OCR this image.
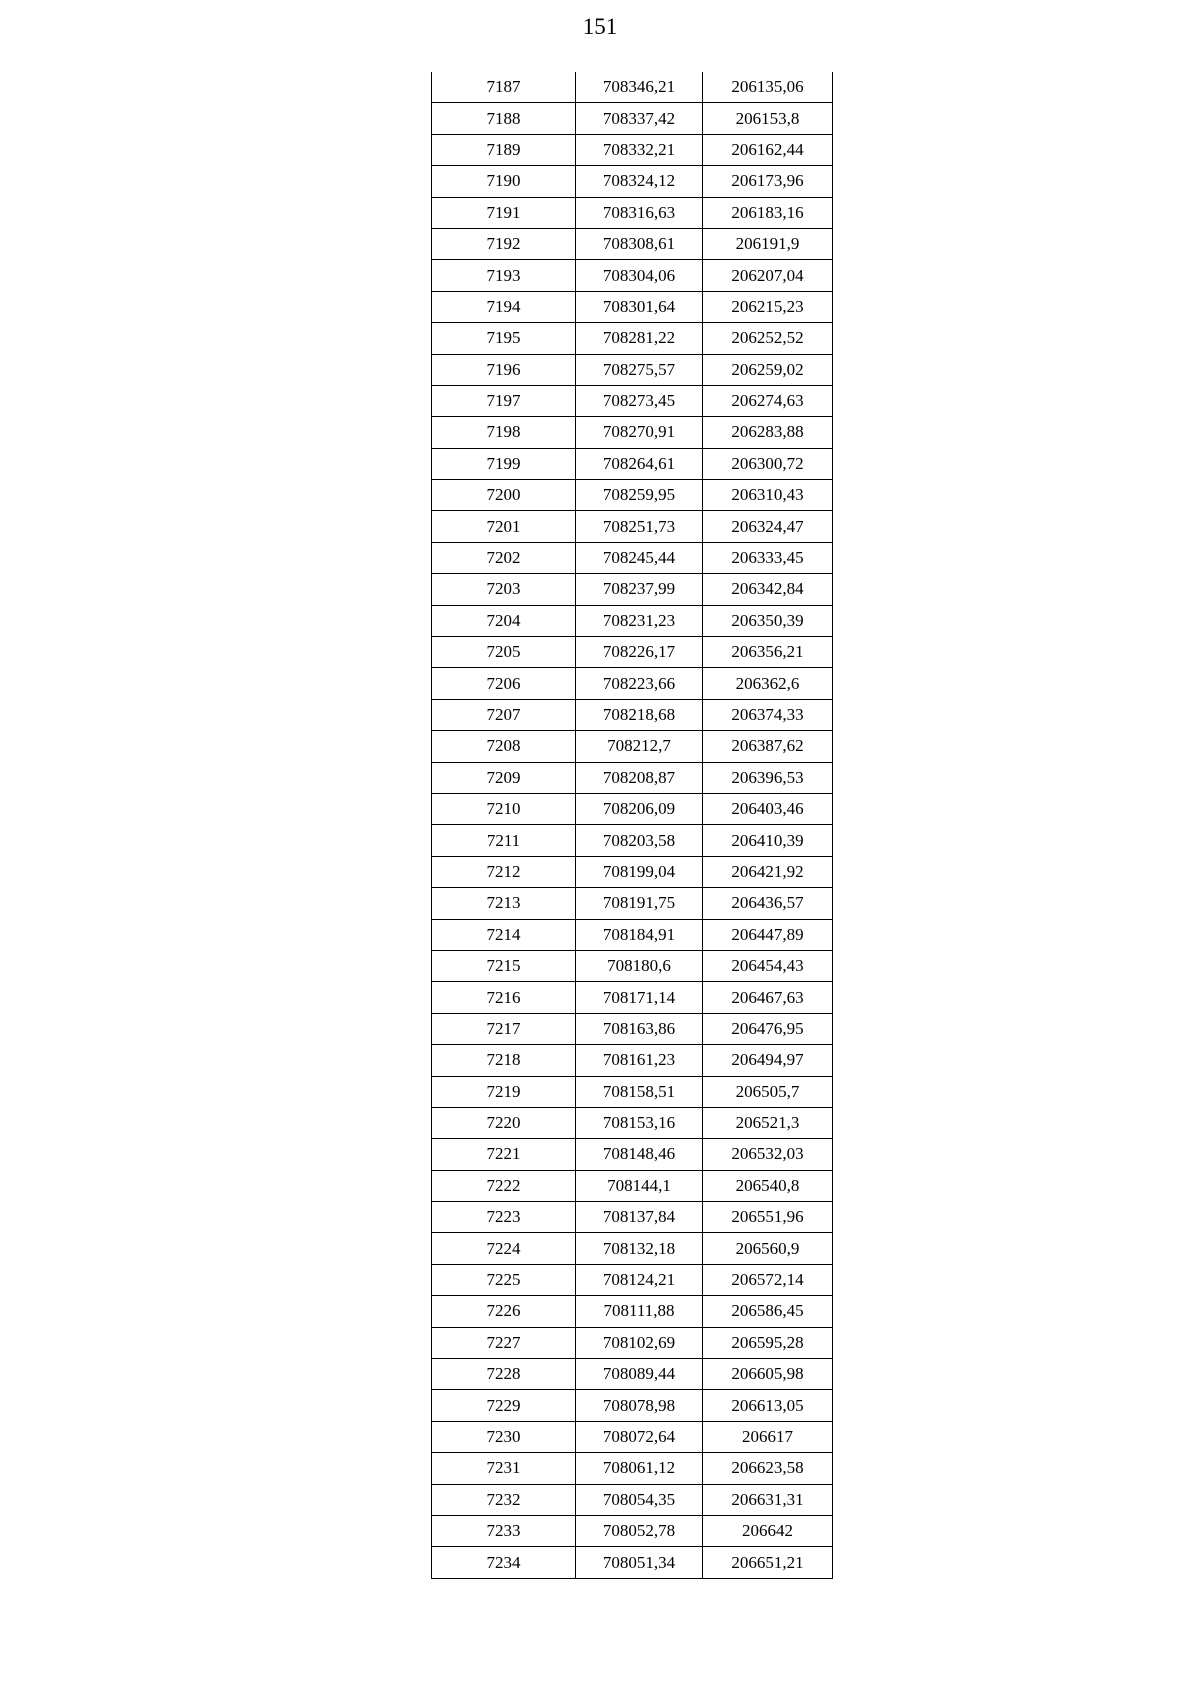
151
7187	708346,21	206135,06
7188	708337,42	206153,8
7189	708332,21	206162,44
7190	708324,12	206173,96
7191	708316,63	206183,16
7192	708308,61	206191,9
7193	708304,06	206207,04
7194	708301,64	206215,23
7195	708281,22	206252,52
7196	708275,57	206259,02
7197	708273,45	206274,63
7198	708270,91	206283,88
7199	708264,61	206300,72
7200	708259,95	206310,43
7201	708251,73	206324,47
7202	708245,44	206333,45
7203	708237,99	206342,84
7204	708231,23	206350,39
7205	708226,17	206356,21
7206	708223,66	206362,6
7207	708218,68	206374,33
7208	708212,7	206387,62
7209	708208,87	206396,53
7210	708206,09	206403,46
7211	708203,58	206410,39
7212	708199,04	206421,92
7213	708191,75	206436,57
7214	708184,91	206447,89
7215	708180,6	206454,43
7216	708171,14	206467,63
7217	708163,86	206476,95
7218	708161,23	206494,97
7219	708158,51	206505,7
7220	708153,16	206521,3
7221	708148,46	206532,03
7222	708144,1	206540,8
7223	708137,84	206551,96
7224	708132,18	206560,9
7225	708124,21	206572,14
7226	708111,88	206586,45
7227	708102,69	206595,28
7228	708089,44	206605,98
7229	708078,98	206613,05
7230	708072,64	206617
7231	708061,12	206623,58
7232	708054,35	206631,31
7233	708052,78	206642
7234	708051,34	206651,21
